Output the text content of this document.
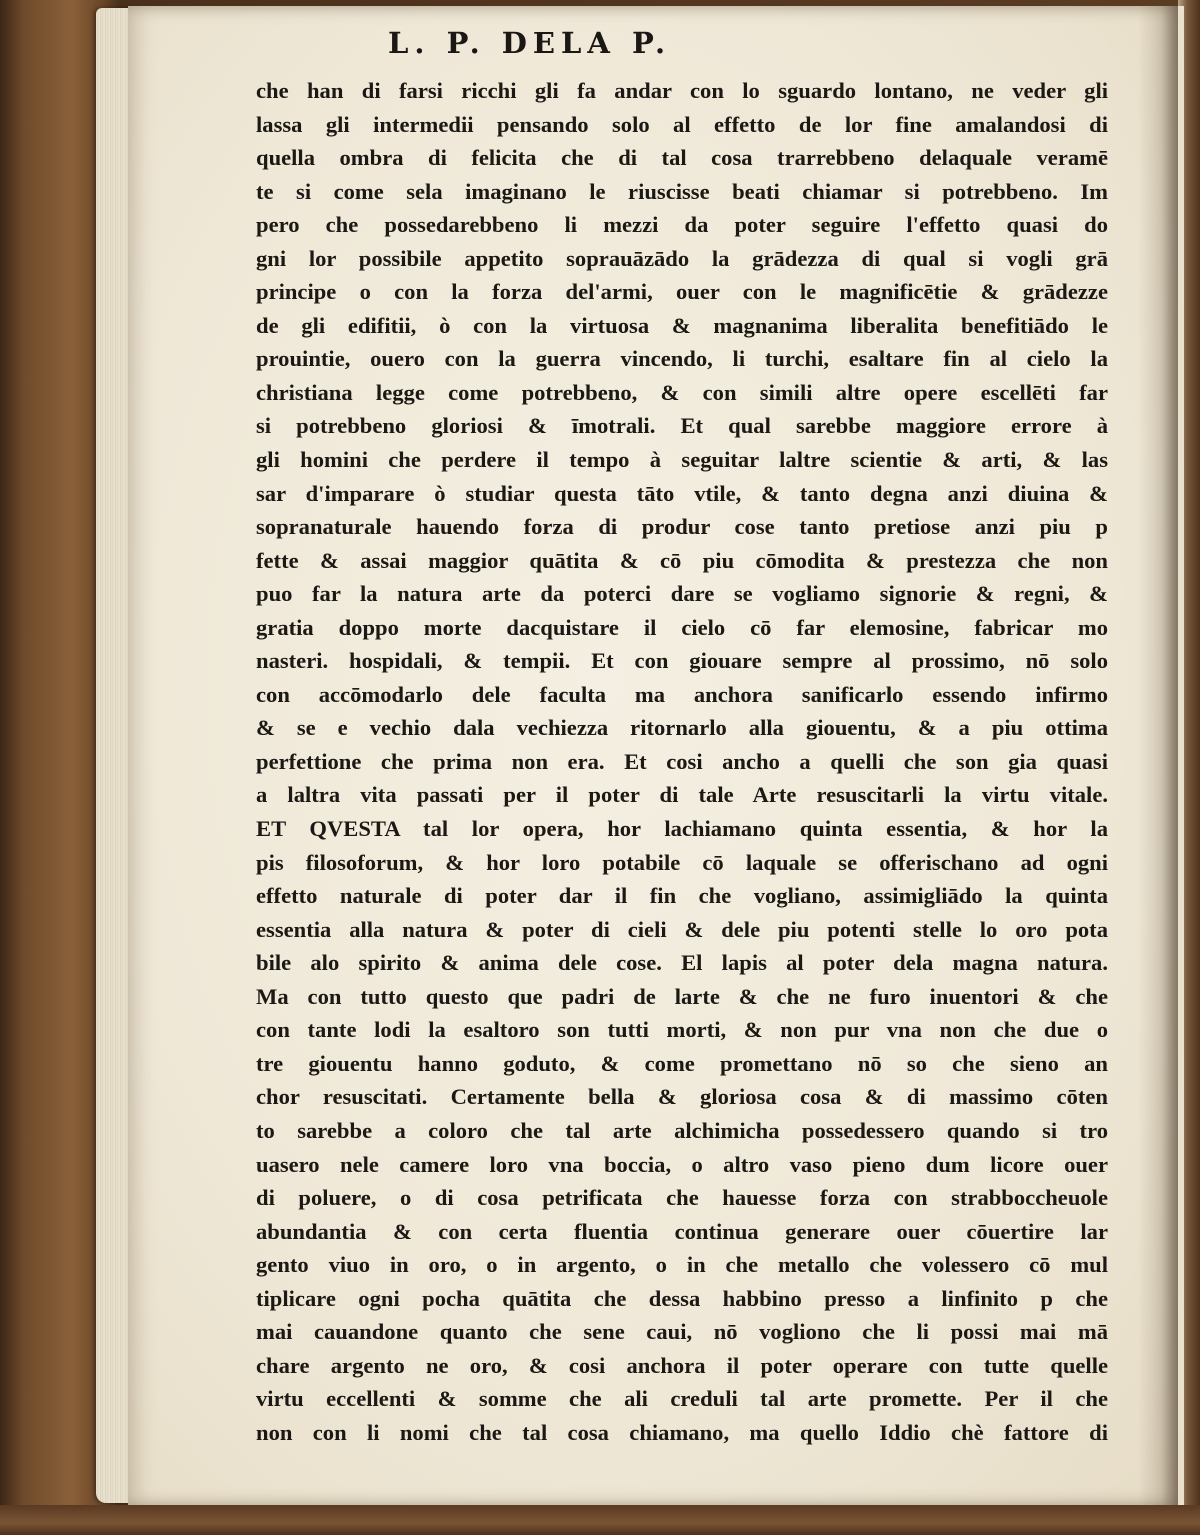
L. P. DELA P.
che han di farsi ricchi gli fa andar con lo sguardo lontano, ne veder gli
lassa gli intermedii pensando solo al effetto de lor fine amalandosi di
quella ombra di felicita che di tal cosa trarrebbeno delaquale veramē
te si come sela imaginano le riuscisse beati chiamar si potrebbeno. Im
pero che possedarebbeno li mezzi da poter seguire l'effetto quasi do
gni lor possibile appetito soprauāzādo la grādezza di qual si vogli grā
principe o con la forza del'armi, ouer con le magnificētie & grādezze
de gli edifitii, ò con la virtuosa & magnanima liberalita benefitiādo le
prouintie, ouero con la guerra vincendo, li turchi, esaltare fin al cielo la
christiana legge come potrebbeno, & con simili altre opere escellēti far
si potrebbeno gloriosi & īmotrali. Et qual sarebbe maggiore errore à
gli homini che perdere il tempo à seguitar laltre scientie & arti, & las
sar d'imparare ò studiar questa tāto vtile, & tanto degna anzi diuina &
sopranaturale hauendo forza di produr cose tanto pretiose anzi piu p
fette & assai maggior quātita & cō piu cōmodita & prestezza che non
puo far la natura arte da poterci dare se vogliamo signorie & regni, &
gratia doppo morte dacquistare il cielo cō far elemosine, fabricar mo
nasteri. hospidali, & tempii. Et con giouare sempre al prossimo, nō solo
con accōmodarlo dele faculta ma anchora sanificarlo essendo infirmo
& se e vechio dala vechiezza ritornarlo alla giouentu, & a piu ottima
perfettione che prima non era. Et cosi ancho a quelli che son gia quasi
a laltra vita passati per il poter di tale Arte resuscitarli la virtu vitale.
ET QVESTA tal lor opera, hor lachiamano quinta essentia, & hor la
pis filosoforum, & hor loro potabile cō laquale se offerischano ad ogni
effetto naturale di poter dar il fin che vogliano, assimigliādo la quinta
essentia alla natura & poter di cieli & dele piu potenti stelle lo oro pota
bile alo spirito & anima dele cose. El lapis al poter dela magna natura.
Ma con tutto questo que padri de larte & che ne furo inuentori & che
con tante lodi la esaltoro son tutti morti, & non pur vna non che due o
tre giouentu hanno goduto, & come promettano nō so che sieno an
chor resuscitati. Certamente bella & gloriosa cosa & di massimo cōten
to sarebbe a coloro che tal arte alchimicha possedessero quando si tro
uasero nele camere loro vna boccia, o altro vaso pieno dum licore ouer
di poluere, o di cosa petrificata che hauesse forza con strabboccheuole
abundantia & con certa fluentia continua generare ouer cōuertire lar
gento viuo in oro, o in argento, o in che metallo che volessero cō mul
tiplicare ogni pocha quātita che dessa habbino presso a linfinito p che
mai cauandone quanto che sene caui, nō vogliono che li possi mai mā
chare argento ne oro, & cosi anchora il poter operare con tutte quelle
virtu eccellenti & somme che ali creduli tal arte promette. Per il che
non con li nomi che tal cosa chiamano, ma quello Iddio chè fattore di
